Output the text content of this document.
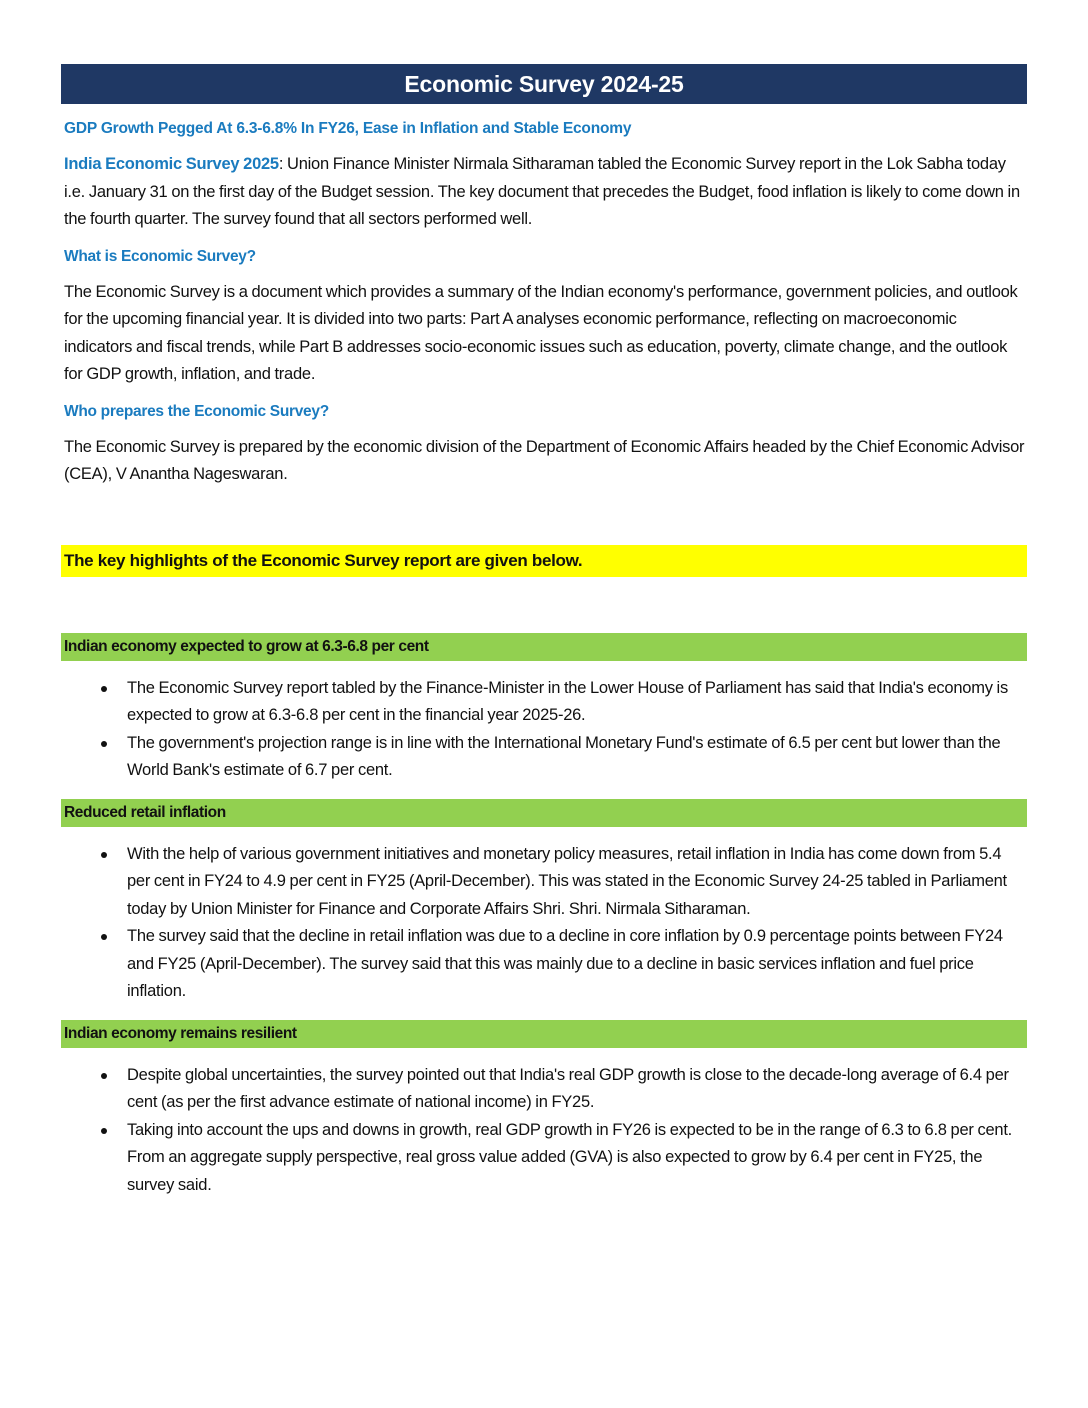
Economic Survey 2024-25
GDP Growth Pegged At 6.3-6.8% In FY26, Ease in Inflation and Stable Economy

India Economic Survey 2025: Union Finance Minister Nirmala Sitharaman tabled the Economic Survey report in the Lok Sabha today i.e. January 31 on the first day of the Budget session. The key document that precedes the Budget, food inflation is likely to come down in the fourth quarter. The survey found that all sectors performed well.

What is Economic Survey?

The Economic Survey is a document which provides a summary of the Indian economy's performance, government policies, and outlook for the upcoming financial year. It is divided into two parts: Part A analyses economic performance, reflecting on macroeconomic indicators and fiscal trends, while Part B addresses socio-economic issues such as education, poverty, climate change, and the outlook for GDP growth, inflation, and trade.

Who prepares the Economic Survey?

The Economic Survey is prepared by the economic division of the Department of Economic Affairs headed by the Chief Economic Advisor (CEA), V Anantha Nageswaran.

The key highlights of the Economic Survey report are given below.
Indian economy expected to grow at 6.3-6.8 per cent
The Economic Survey report tabled by the Finance-Minister in the Lower House of Parliament has said that India's economy is expected to grow at 6.3-6.8 per cent in the financial year 2025-26.
The government's projection range is in line with the International Monetary Fund's estimate of 6.5 per cent but lower than the World Bank's estimate of 6.7 per cent.
Reduced retail inflation
With the help of various government initiatives and monetary policy measures, retail inflation in India has come down from 5.4 per cent in FY24 to 4.9 per cent in FY25 (April-December). This was stated in the Economic Survey 24-25 tabled in Parliament today by Union Minister for Finance and Corporate Affairs Shri. Shri. Nirmala Sitharaman.
The survey said that the decline in retail inflation was due to a decline in core inflation by 0.9 percentage points between FY24 and FY25 (April-December). The survey said that this was mainly due to a decline in basic services inflation and fuel price inflation.
Indian economy remains resilient
Despite global uncertainties, the survey pointed out that India's real GDP growth is close to the decade-long average of 6.4 per cent (as per the first advance estimate of national income) in FY25.
Taking into account the ups and downs in growth, real GDP growth in FY26 is expected to be in the range of 6.3 to 6.8 per cent. From an aggregate supply perspective, real gross value added (GVA) is also expected to grow by 6.4 per cent in FY25, the survey said.
